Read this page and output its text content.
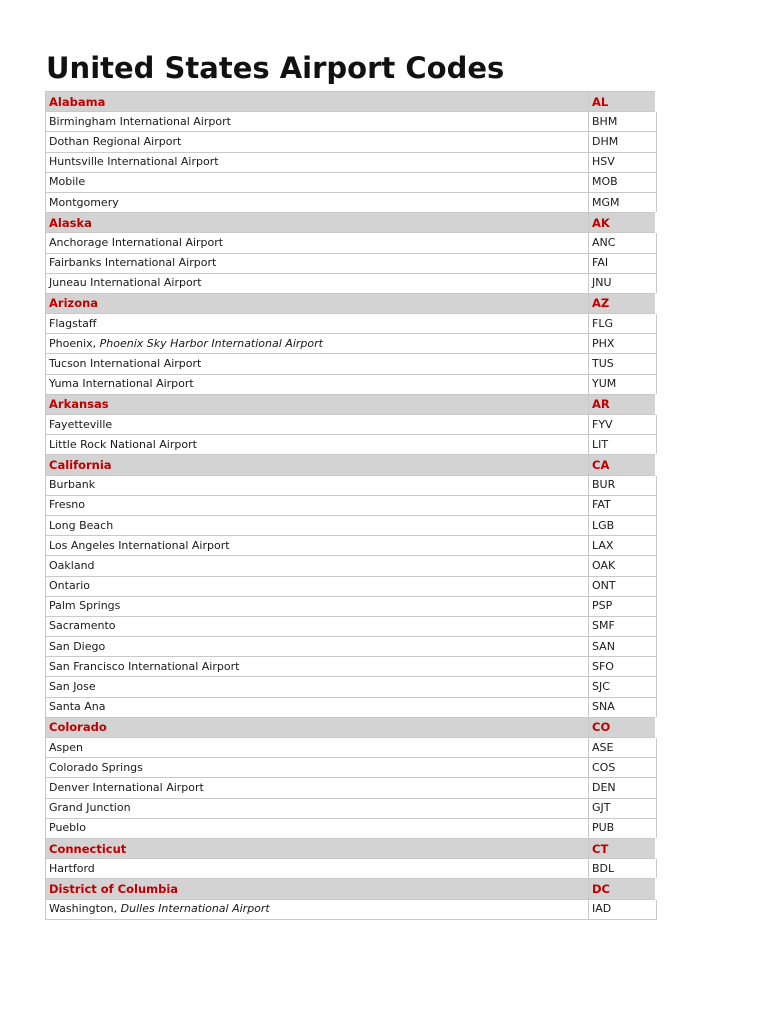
United States Airport Codes
Alabama	AL
Birmingham International Airport	BHM
Dothan Regional Airport	DHM
Huntsville International Airport	HSV
Mobile	MOB
Montgomery	MGM
Alaska	AK
Anchorage International Airport	ANC
Fairbanks International Airport	FAI
Juneau International Airport	JNU
Arizona	AZ
Flagstaff	FLG
Phoenix, Phoenix Sky Harbor International Airport	PHX
Tucson International Airport	TUS
Yuma International Airport	YUM
Arkansas	AR
Fayetteville	FYV
Little Rock National Airport	LIT
California	CA
Burbank	BUR
Fresno	FAT
Long Beach	LGB
Los Angeles International Airport	LAX
Oakland	OAK
Ontario	ONT
Palm Springs	PSP
Sacramento	SMF
San Diego	SAN
San Francisco International Airport	SFO
San Jose	SJC
Santa Ana	SNA
Colorado	CO
Aspen	ASE
Colorado Springs	COS
Denver International Airport	DEN
Grand Junction	GJT
Pueblo	PUB
Connecticut	CT
Hartford	BDL
District of Columbia	DC
Washington, Dulles International Airport	IAD
